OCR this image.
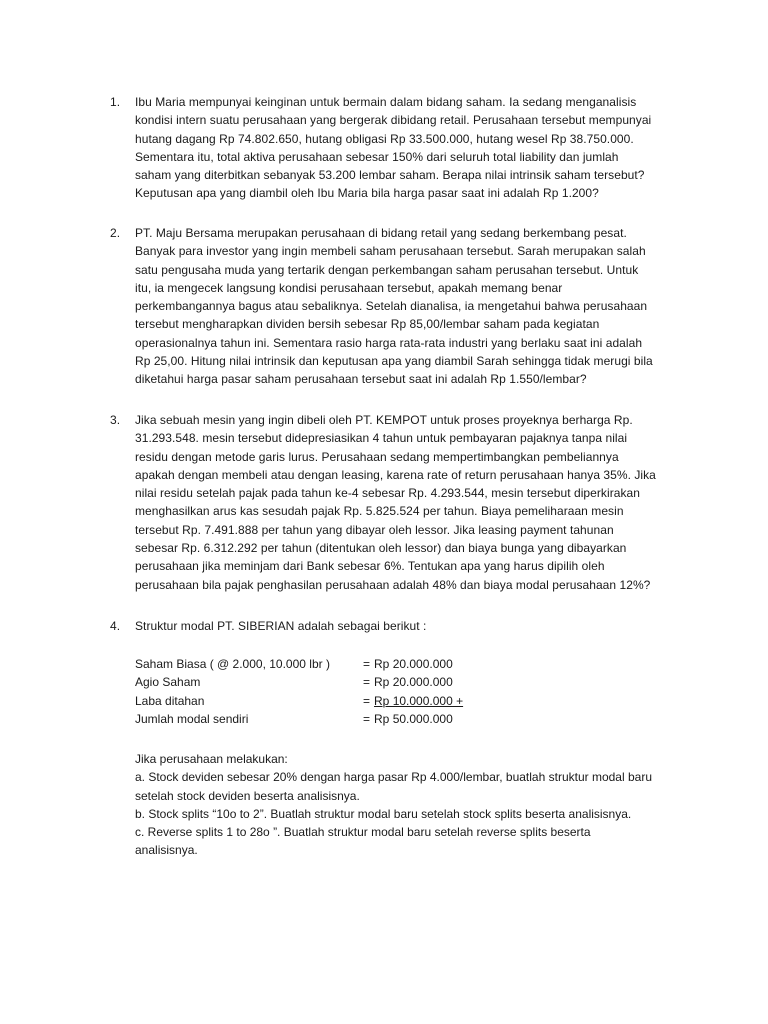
1.	Ibu Maria mempunyai keinginan untuk bermain dalam bidang saham. Ia sedang menganalisis
kondisi intern suatu perusahaan yang bergerak dibidang retail. Perusahaan tersebut mempunyai
hutang dagang Rp 74.802.650, hutang obligasi Rp 33.500.000, hutang wesel Rp 38.750.000.
Sementara itu, total aktiva perusahaan sebesar 150% dari seluruh total liability dan jumlah
saham yang diterbitkan sebanyak 53.200 lembar saham. Berapa nilai intrinsik saham tersebut?
Keputusan apa yang diambil oleh Ibu Maria bila harga pasar saat ini adalah Rp 1.200?
2.	PT. Maju Bersama merupakan perusahaan di bidang retail yang sedang berkembang pesat.
Banyak para investor yang ingin membeli saham perusahaan tersebut. Sarah merupakan salah
satu pengusaha muda yang tertarik dengan perkembangan saham perusahan tersebut. Untuk
itu, ia mengecek langsung kondisi perusahaan tersebut, apakah memang benar
perkembangannya bagus atau sebaliknya. Setelah dianalisa, ia mengetahui bahwa perusahaan
tersebut mengharapkan dividen bersih sebesar Rp 85,00/lembar saham pada kegiatan
operasionalnya tahun ini. Sementara rasio harga rata-rata industri yang berlaku saat ini adalah
Rp 25,00. Hitung nilai intrinsik dan keputusan apa yang diambil Sarah sehingga tidak merugi bila
diketahui harga pasar saham perusahaan tersebut saat ini adalah Rp 1.550/lembar?
3.	Jika sebuah mesin yang ingin dibeli oleh PT. KEMPOT untuk proses proyeknya berharga Rp.
31.293.548. mesin tersebut didepresiasikan 4 tahun untuk pembayaran pajaknya tanpa nilai
residu dengan metode garis lurus. Perusahaan sedang mempertimbangkan pembeliannya
apakah dengan membeli atau dengan leasing, karena rate of return perusahaan hanya 35%. Jika
nilai residu setelah pajak pada tahun ke-4 sebesar Rp. 4.293.544, mesin tersebut diperkirakan
menghasilkan arus kas sesudah pajak Rp. 5.825.524 per tahun. Biaya pemeliharaan mesin
tersebut Rp. 7.491.888 per tahun yang dibayar oleh lessor. Jika leasing payment tahunan
sebesar Rp. 6.312.292 per tahun (ditentukan oleh lessor) dan biaya bunga yang dibayarkan
perusahaan jika meminjam dari Bank sebesar 6%. Tentukan apa yang harus dipilih oleh
perusahaan bila pajak penghasilan perusahaan adalah 48% dan biaya modal perusahaan 12%?
4.	Struktur modal PT. SIBERIAN adalah sebagai berikut :
Saham Biasa ( @ 2.000, 10.000 lbr )	= Rp 20.000.000
Agio Saham	= Rp 20.000.000
Laba ditahan	= Rp 10.000.000 +
Jumlah modal sendiri	= Rp 50.000.000
Jika perusahaan melakukan:
a. Stock deviden sebesar 20% dengan harga pasar Rp 4.000/lembar, buatlah struktur modal baru
setelah stock deviden beserta analisisnya.
b. Stock splits “10o to 2”. Buatlah struktur modal baru setelah stock splits beserta analisisnya.
c. Reverse splits 1 to 28o ”. Buatlah struktur modal baru setelah reverse splits beserta
analisisnya.
